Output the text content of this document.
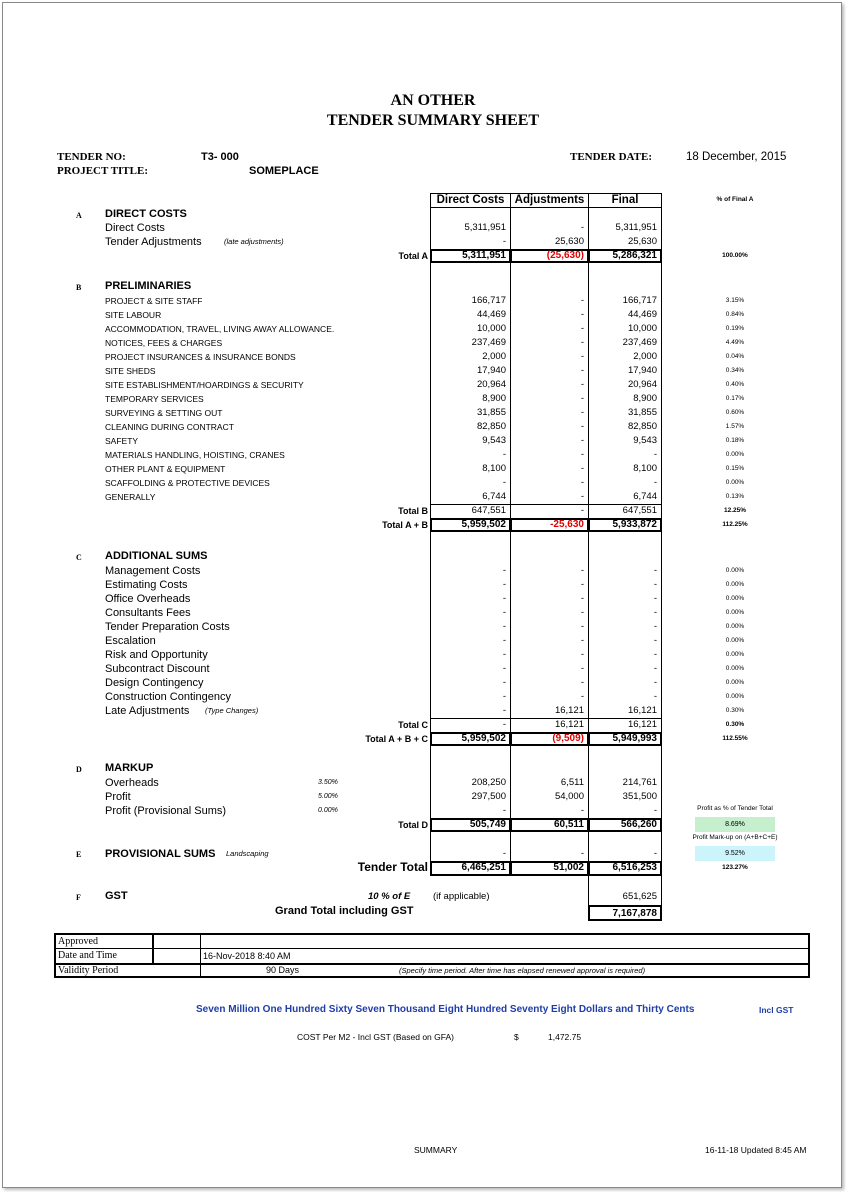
AN OTHER
TENDER SUMMARY SHEET
TENDER NO:	T3- 000
PROJECT TITLE:	SOMEPLACE
TENDER DATE:	18 December, 2015
Direct Costs Adjustments	Final	% of Final A
A DIRECT COSTS
Direct Costs	5,311,951	-	5,311,951
Tender Adjustments	(late adjustments)	-	25,630	25,630
Total A	5,311,951	(25,630)	5,286,321	100.00%
B PRELIMINARIES
PROJECT & SITE STAFF	166,717	-	166,717	3.15%
SITE LABOUR	44,469	-	44,469	0.84%
ACCOMMODATION, TRAVEL, LIVING AWAY ALLOWANCE.	10,000	-	10,000	0.19%
NOTICES, FEES & CHARGES	237,469	-	237,469	4.49%
PROJECT INSURANCES & INSURANCE BONDS	2,000	-	2,000	0.04%
SITE SHEDS	17,940	-	17,940	0.34%
SITE ESTABLISHMENT/HOARDINGS & SECURITY	20,964	-	20,964	0.40%
TEMPORARY SERVICES	8,900	-	8,900	0.17%
SURVEYING & SETTING OUT	31,855	-	31,855	0.60%
CLEANING DURING CONTRACT	82,850	-	82,850	1.57%
SAFETY	9,543	-	9,543	0.18%
MATERIALS HANDLING, HOISTING, CRANES	-	-	-	0.00%
OTHER PLANT & EQUIPMENT	8,100	-	8,100	0.15%
SCAFFOLDING & PROTECTIVE DEVICES	-	-	-	0.00%
GENERALLY	6,744	-	6,744	0.13%
Total B	647,551	-	647,551	12.25%
Total A + B	5,959,502	-25,630	5,933,872	112.25%
C ADDITIONAL SUMS
Management Costs	-	-	-	0.00%
Estimating Costs	-	-	-	0.00%
Office Overheads	-	-	-	0.00%
Consultants Fees	-	-	-	0.00%
Tender Preparation Costs	-	-	-	0.00%
Escalation	-	-	-	0.00%
Risk and Opportunity	-	-	-	0.00%
Subcontract Discount	-	-	-	0.00%
Design Contingency	-	-	-	0.00%
Construction Contingency	-	-	-	0.00%
Late Adjustments (Type Changes)	-	16,121	16,121	0.30%
Total C	-	16,121	16,121	0.30%
Total A + B + C	5,959,502	(9,509)	5,949,993	112.55%
D MARKUP
Overheads	3.50%	208,250	6,511	214,761
Profit	5.00%	297,500	54,000	351,500
Profit (Provisional Sums)	0.00%	-	-	-
Total D	505,749	60,511	566,260
Profit as % of Tender Total
8.69%
Profit Mark-up on (A+B+C+E)
9.52%
E PROVISIONAL SUMS Landscaping	-	-	-
Tender Total	6,465,251	51,002	6,516,253	123.27%
F GST	10 % of E (if applicable)	651,625
Grand Total including GST	7,167,878
Approved
Date and Time	16-Nov-2018 8:40 AM
Validity Period	90 Days	(Specify time period. After time has elapsed renewed approval is required)
Seven Million One Hundred Sixty Seven Thousand Eight Hundred Seventy Eight Dollars and Thirty Cents	Incl GST
COST Per M2 - Incl GST (Based on GFA)	$	1,472.75
SUMMARY	16-11-18 Updated 8:45 AM
